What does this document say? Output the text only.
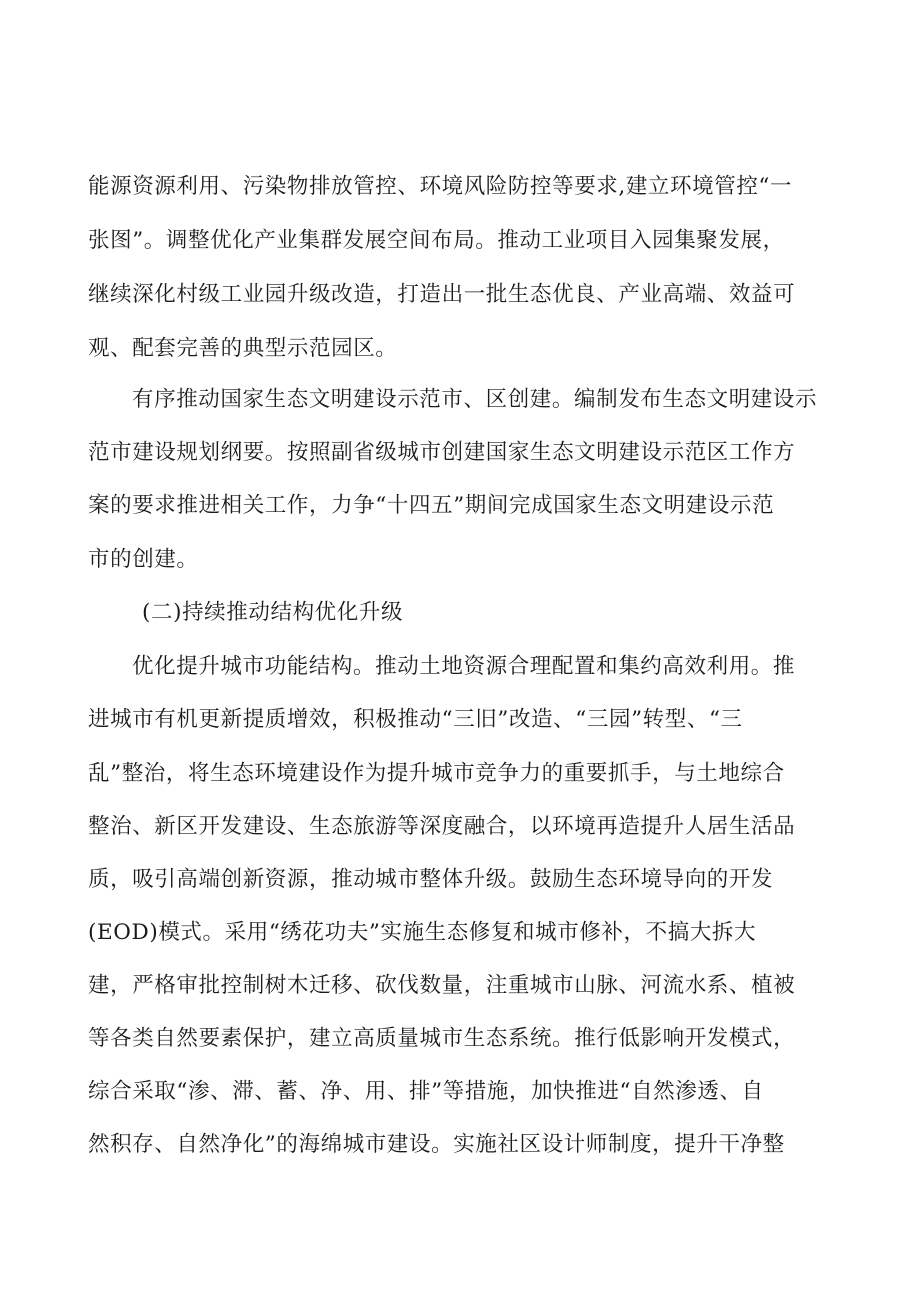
能源资源利用、污染物排放管控、环境风险防控等要求,建立环境管控“一

张图”。调整优化产业集群发展空间布局。推动工业项目入园集聚发展，

继续深化村级工业园升级改造，打造出一批生态优良、产业高端、效益可

观、配套完善的典型示范园区。

有序推动国家生态文明建设示范市、区创建。编制发布生态文明建设示

范市建设规划纲要。按照副省级城市创建国家生态文明建设示范区工作方

案的要求推进相关工作，力争“十四五”期间完成国家生态文明建设示范

市的创建。

(二)持续推动结构优化升级

优化提升城市功能结构。推动土地资源合理配置和集约高效利用。推

进城市有机更新提质增效，积极推动“三旧”改造、“三园”转型、“三

乱”整治，将生态环境建设作为提升城市竞争力的重要抓手，与土地综合

整治、新区开发建设、生态旅游等深度融合，以环境再造提升人居生活品

质，吸引高端创新资源，推动城市整体升级。鼓励生态环境导向的开发

(EOD)模式。采用“绣花功夫”实施生态修复和城市修补，不搞大拆大

建，严格审批控制树木迁移、砍伐数量，注重城市山脉、河流水系、植被

等各类自然要素保护，建立高质量城市生态系统。推行低影响开发模式，

综合采取“渗、滞、蓄、净、用、排”等措施，加快推进“自然渗透、自

然积存、自然净化”的海绵城市建设。实施社区设计师制度，提升干净整
